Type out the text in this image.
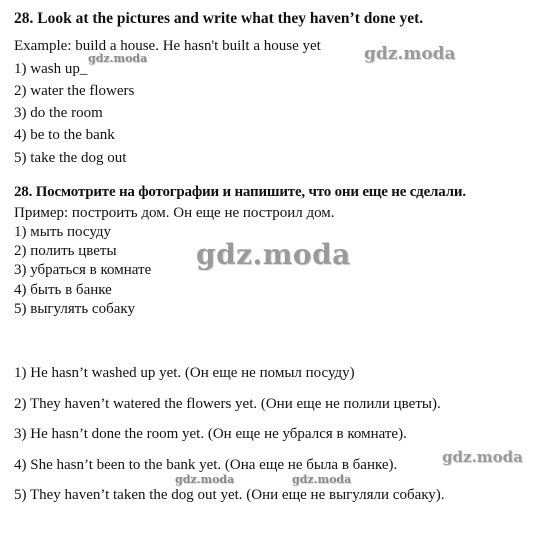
28. Look at the pictures and write what they haven’t done yet.
Example: build a house. He hasn't built a house yet
1) wash up_
2) water the flowers
3) do the room
4) be to the bank
5) take the dog out
28. Посмотрите на фотографии и напишите, что они еще не сделали.
Пример: построить дом. Он еще не построил дом.
1) мыть посуду
2) полить цветы
3) убраться в комнате
4) быть в банке
5) выгулять собаку
1) He hasn’t washed up yet. (Он еще не помыл посуду)
2) They haven’t watered the flowers yet. (Они еще не полили цветы).
3) He hasn’t done the room yet. (Он еще не убрался в комнате).
4) She hasn’t been to the bank yet. (Она еще не была в банке).
5) They haven’t taken the dog out yet. (Они еще не выгуляли собаку).
gdz.moda	gdz.moda
gdz.moda
gdz.moda	gdz.moda
gdz.moda
